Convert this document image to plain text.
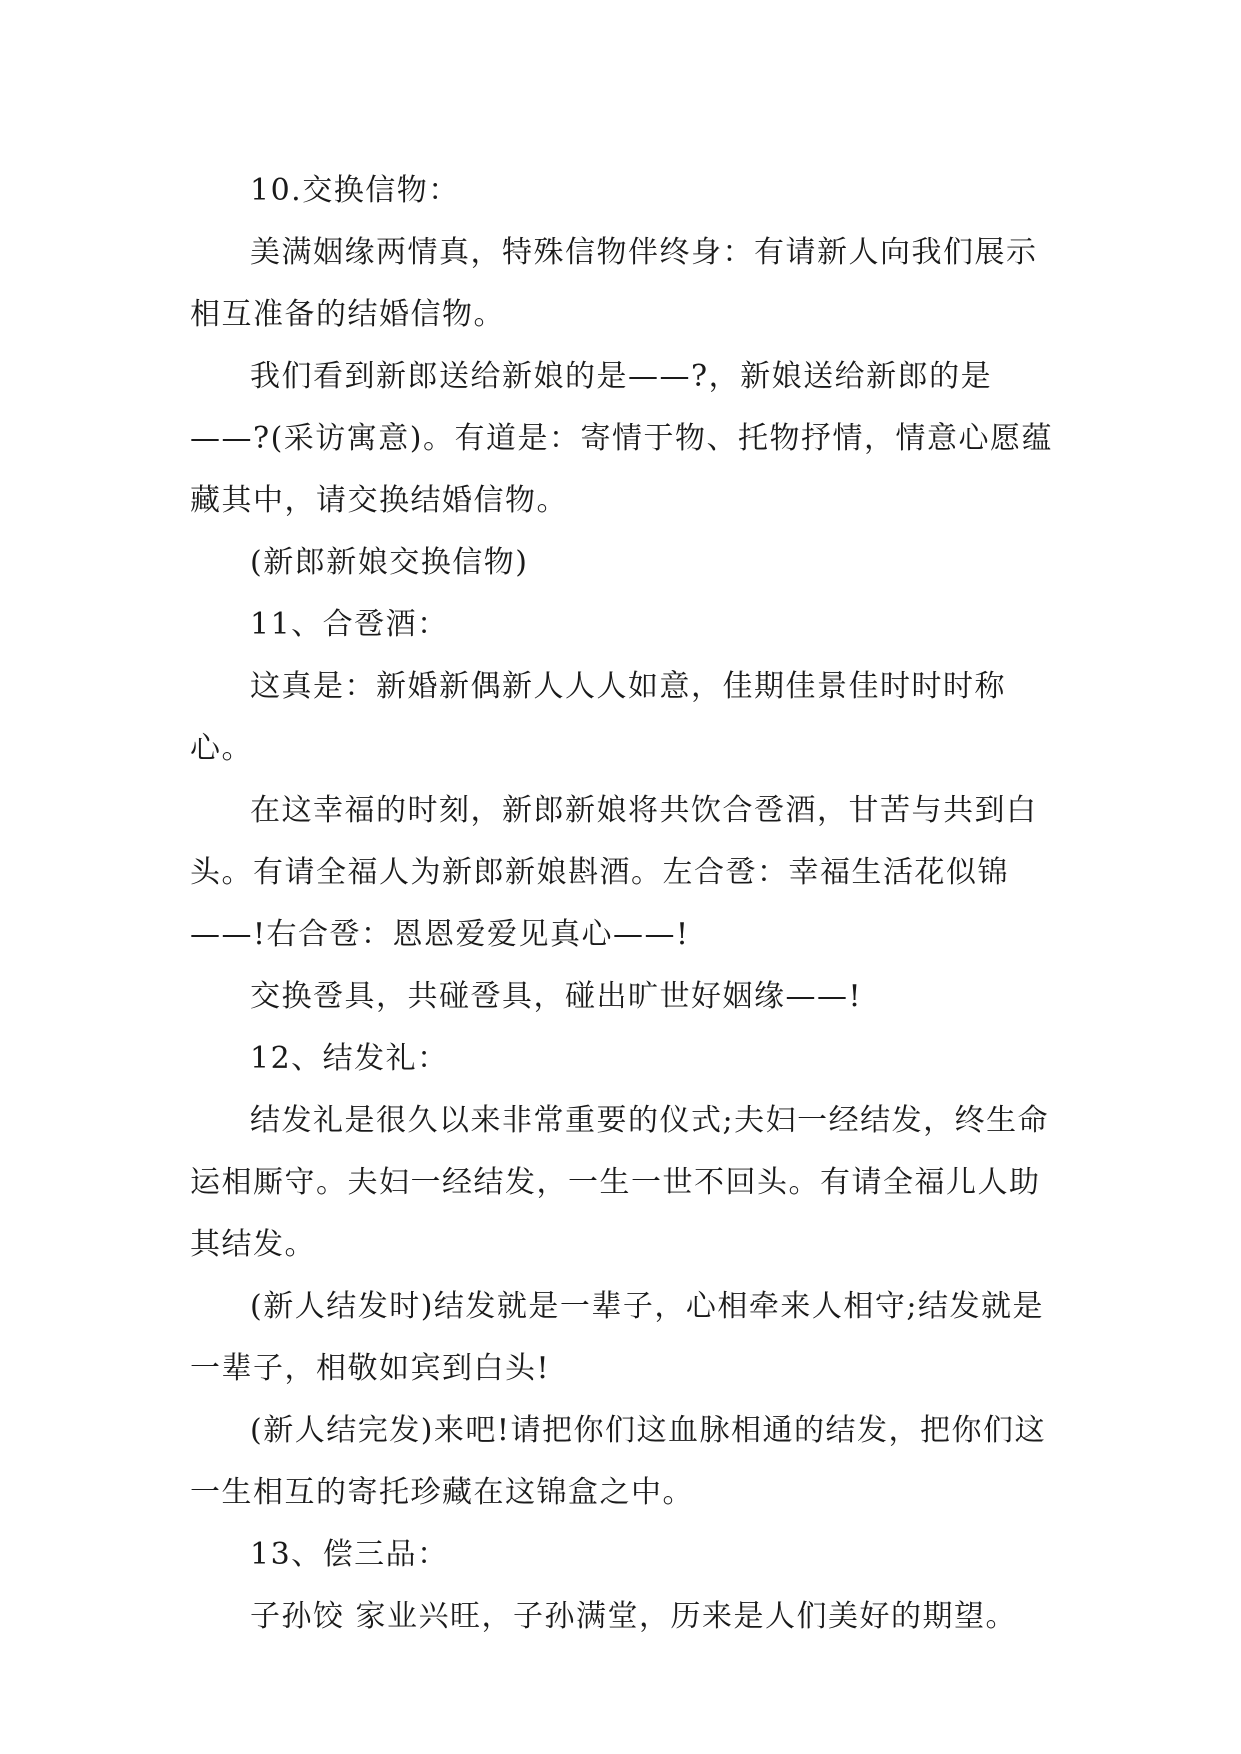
10.交换信物：

美满姻缘两情真，特殊信物伴终身：有请新人向我们展示相互准备的结婚信物。

我们看到新郎送给新娘的是——?，新娘送给新郎的是——?(采访寓意)。有道是：寄情于物、托物抒情，情意心愿蕴藏其中，请交换结婚信物。

(新郎新娘交换信物)

11、合卺酒：

这真是：新婚新偶新人人人如意，佳期佳景佳时时时称心。

在这幸福的时刻，新郎新娘将共饮合卺酒，甘苦与共到白头。有请全福人为新郎新娘斟酒。左合卺：幸福生活花似锦——!右合卺：恩恩爱爱见真心——!

交换卺具，共碰卺具，碰出旷世好姻缘——!

12、结发礼：

结发礼是很久以来非常重要的仪式;夫妇一经结发，终生命运相厮守。夫妇一经结发，一生一世不回头。有请全福儿人助其结发。

(新人结发时)结发就是一辈子，心相牵来人相守;结发就是一辈子，相敬如宾到白头!

(新人结完发)来吧!请把你们这血脉相通的结发，把你们这一生相互的寄托珍藏在这锦盒之中。

13、偿三品：

子孙饺 家业兴旺，子孙满堂，历来是人们美好的期望。
